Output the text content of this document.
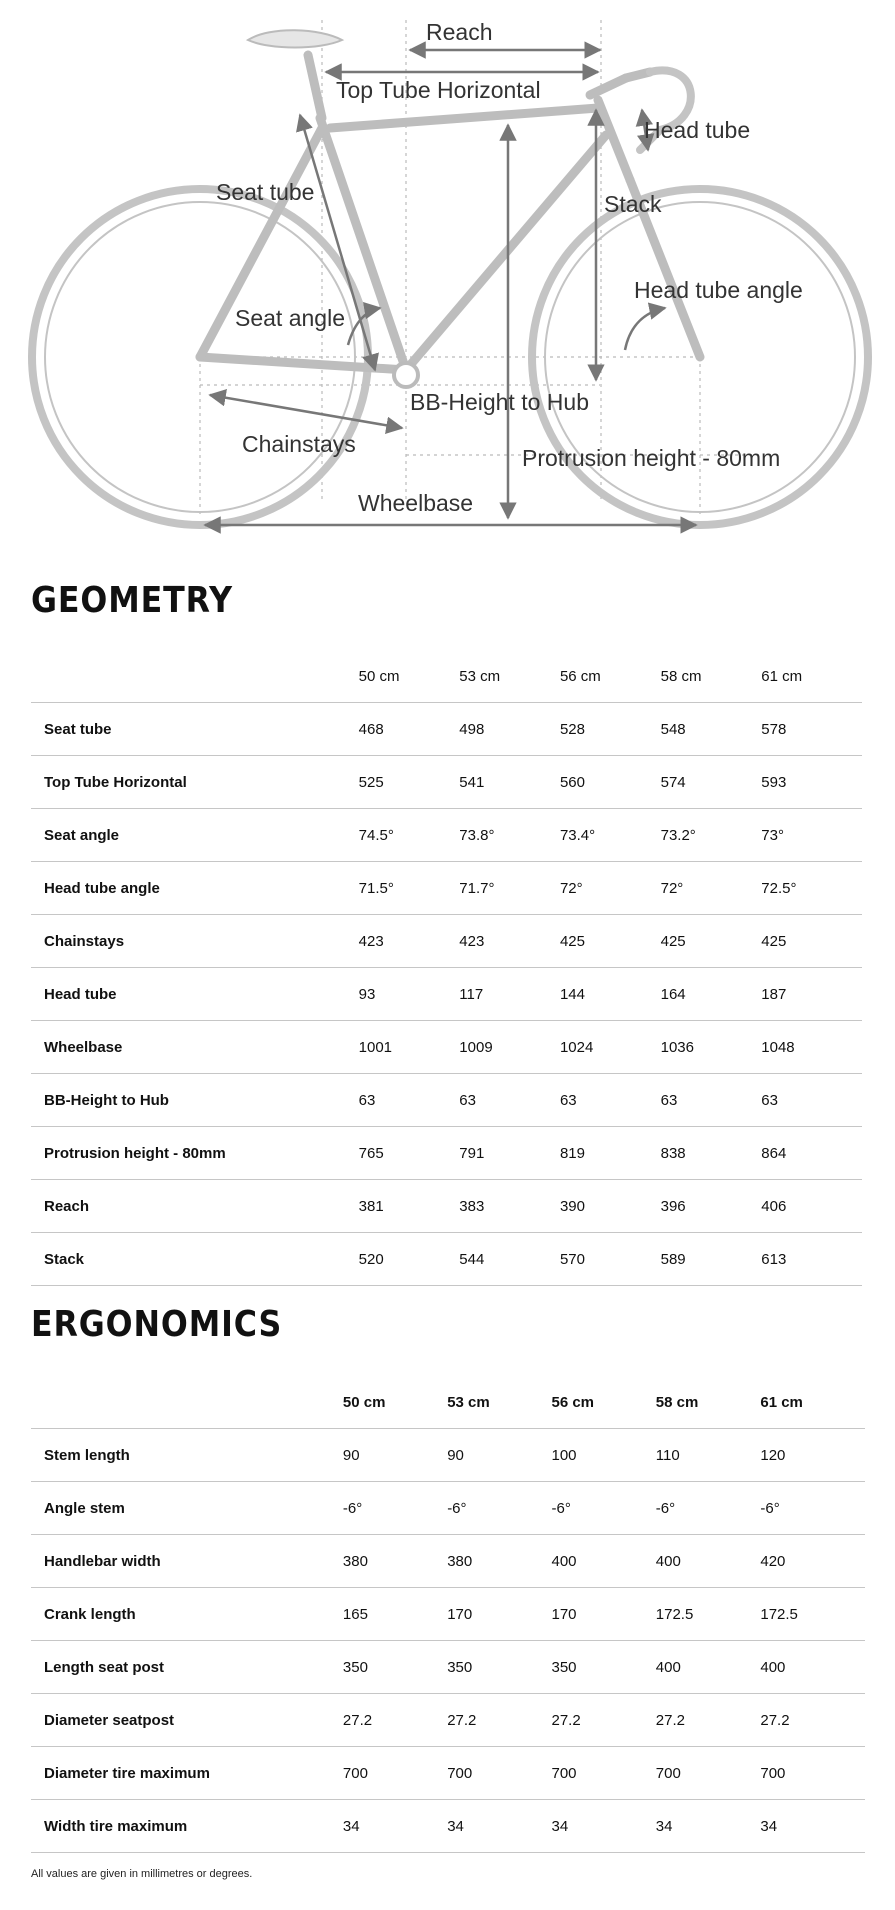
Reach
Top Tube Horizontal
Head tube
Seat tube	Stack
Head tube angle
Seat angle
BB-Height to Hub
Chainstays
Protrusion height - 80mm
Wheelbase
GEOMETRY
	50 cm	53 cm	56 cm	58 cm	61 cm
Seat tube	468	498	528	548	578
Top Tube Horizontal	525	541	560	574	593
Seat angle	74.5°	73.8°	73.4°	73.2°	73°
Head tube angle	71.5°	71.7°	72°	72°	72.5°
Chainstays	423	423	425	425	425
Head tube	93	117	144	164	187
Wheelbase	1001	1009	1024	1036	1048
BB-Height to Hub	63	63	63	63	63
Protrusion height - 80mm	765	791	819	838	864
Reach	381	383	390	396	406
Stack	520	544	570	589	613
ERGONOMICS
	50 cm	53 cm	56 cm	58 cm	61 cm
Stem length	90	90	100	110	120
Angle stem	-6°	-6°	-6°	-6°	-6°
Handlebar width	380	380	400	400	420
Crank length	165	170	170	172.5	172.5
Length seat post	350	350	350	400	400
Diameter seatpost	27.2	27.2	27.2	27.2	27.2
Diameter tire maximum	700	700	700	700	700
Width tire maximum	34	34	34	34	34

All values are given in millimetres or degrees.
